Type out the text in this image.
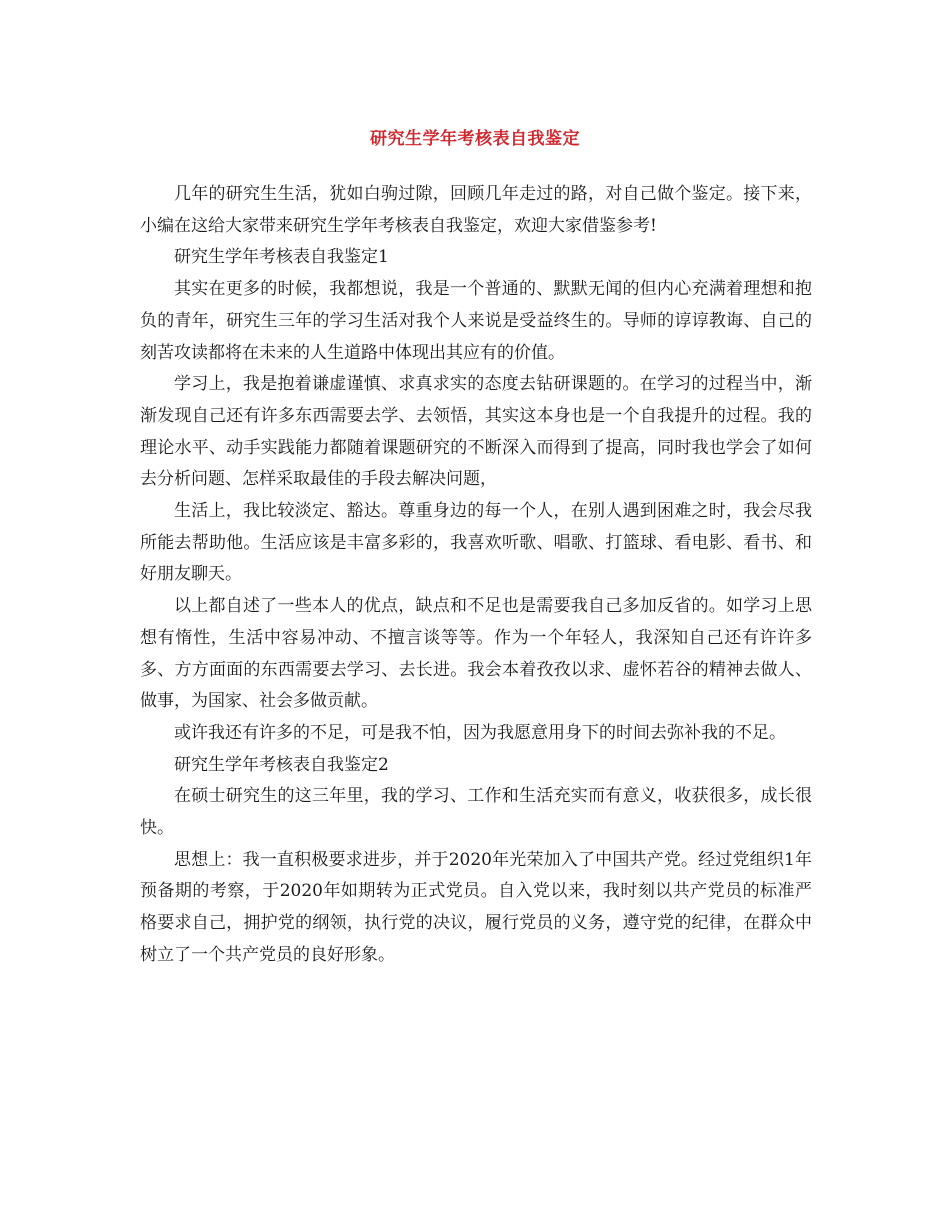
研究生学年考核表自我鉴定

几年的研究生生活，犹如白驹过隙，回顾几年走过的路，对自己做个鉴定。接下来，小编在这给大家带来研究生学年考核表自我鉴定，欢迎大家借鉴参考!

研究生学年考核表自我鉴定1

其实在更多的时候，我都想说，我是一个普通的、默默无闻的但内心充满着理想和抱负的青年，研究生三年的学习生活对我个人来说是受益终生的。导师的谆谆教诲、自己的刻苦攻读都将在未来的人生道路中体现出其应有的价值。

学习上，我是抱着谦虚谨慎、求真求实的态度去钻研课题的。在学习的过程当中，渐渐发现自己还有许多东西需要去学、去领悟，其实这本身也是一个自我提升的过程。我的理论水平、动手实践能力都随着课题研究的不断深入而得到了提高，同时我也学会了如何去分析问题、怎样采取最佳的手段去解决问题，

生活上，我比较淡定、豁达。尊重身边的每一个人，在别人遇到困难之时，我会尽我所能去帮助他。生活应该是丰富多彩的，我喜欢听歌、唱歌、打篮球、看电影、看书、和好朋友聊天。

以上都自述了一些本人的优点，缺点和不足也是需要我自己多加反省的。如学习上思想有惰性，生活中容易冲动、不擅言谈等等。作为一个年轻人，我深知自己还有许许多多、方方面面的东西需要去学习、去长进。我会本着孜孜以求、虚怀若谷的精神去做人、做事，为国家、社会多做贡献。

或许我还有许多的不足，可是我不怕，因为我愿意用身下的时间去弥补我的不足。

研究生学年考核表自我鉴定2

在硕士研究生的这三年里，我的学习、工作和生活充实而有意义，收获很多，成长很快。

思想上：我一直积极要求进步，并于2020年光荣加入了中国共产党。经过党组织1年预备期的考察，于2020年如期转为正式党员。自入党以来，我时刻以共产党员的标准严格要求自己，拥护党的纲领，执行党的决议，履行党员的义务，遵守党的纪律，在群众中树立了一个共产党员的良好形象。
